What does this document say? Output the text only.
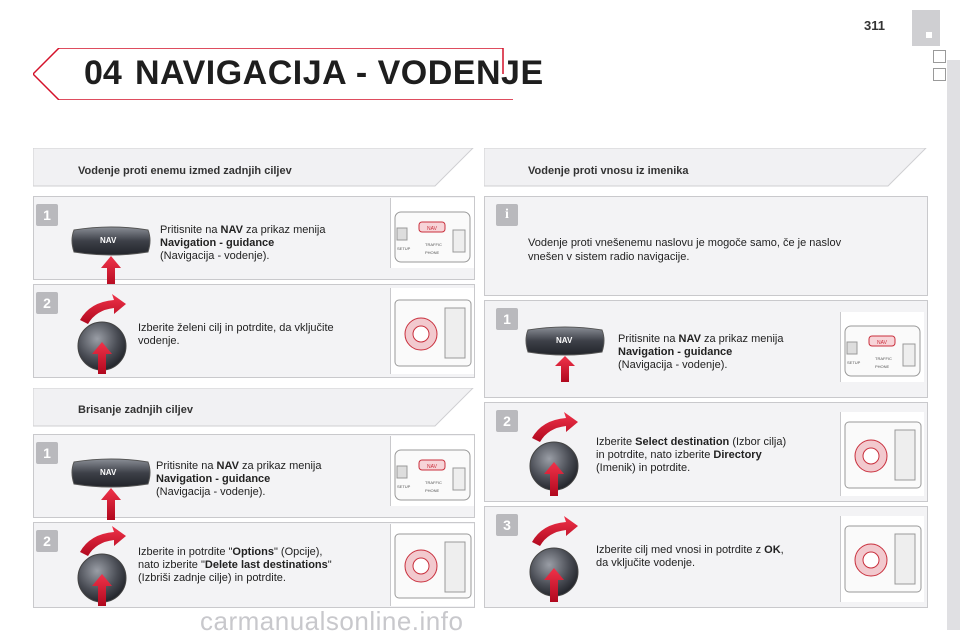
311
04 NAVIGACIJA - VODENJE
Vodenje proti enemu izmed zadnjih ciljev
1
NAV
Pritisnite na NAV za prikaz menija
Navigation - guidance
(Navigacija - vodenje).
NAV
TRAFFIC
PHONE
SETUP
2
Izberite želeni cilj in potrdite, da vključite
vodenje.
Brisanje zadnjih ciljev
1
NAV
Pritisnite na NAV za prikaz menija
Navigation - guidance
(Navigacija - vodenje).
NAV
TRAFFIC
PHONE
SETUP
2
Izberite in potrdite "Options" (Opcije),
nato izberite "Delete last destinations"
(Izbriši zadnje cilje) in potrdite.
Vodenje proti vnosu iz imenika
i
Vodenje proti vnešenemu naslovu je mogoče samo, če je naslov
vnešen v sistem radio navigacije.
1
NAV	Pritisnite na NAV za prikaz menija
Navigation - guidance
(Navigacija - vodenje).
NAV
TRAFFIC
PHONE
SETUP
2
Izberite Select destination (Izbor cilja)
in potrdite, nato izberite Directory
(Imenik) in potrdite.
3
Izberite cilj med vnosi in potrdite z OK,
da vključite vodenje.
carmanualsonline.info
